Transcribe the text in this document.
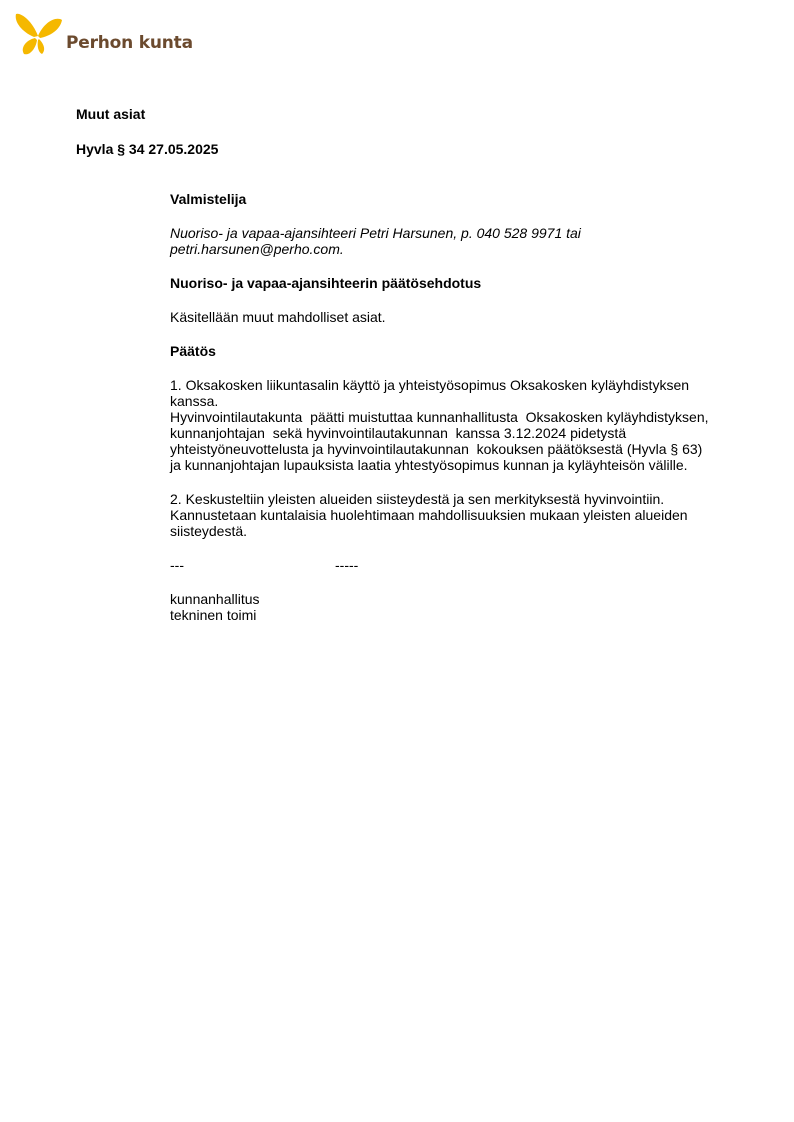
Perhon kunta

Muut asiat

Hyvla § 34 27.05.2025

Valmistelija

Nuoriso- ja vapaa-ajansihteeri Petri Harsunen, p. 040 528 9971 tai

petri.harsunen@perho.com.

Nuoriso- ja vapaa-ajansihteerin päätösehdotus

Käsitellään muut mahdolliset asiat.

Päätös

1. Oksakosken liikuntasalin käyttö ja yhteistyösopimus Oksakosken kyläyhdistyksen

kanssa.

Hyvinvointilautakunta  päätti muistuttaa kunnanhallitusta  Oksakosken kyläyhdistyksen,

kunnanjohtajan  sekä hyvinvointilautakunnan  kanssa 3.12.2024 pidetystä

yhteistyöneuvottelusta ja hyvinvointilautakunnan  kokouksen päätöksestä (Hyvla § 63)

ja kunnanjohtajan lupauksista laatia yhtestyösopimus kunnan ja kyläyhteisön välille.

2. Keskusteltiin yleisten alueiden siisteydestä ja sen merkityksestä hyvinvointiin.

Kannustetaan kuntalaisia huolehtimaan mahdollisuuksien mukaan yleisten alueiden

siisteydestä.

---	-----

kunnanhallitus

tekninen toimi
